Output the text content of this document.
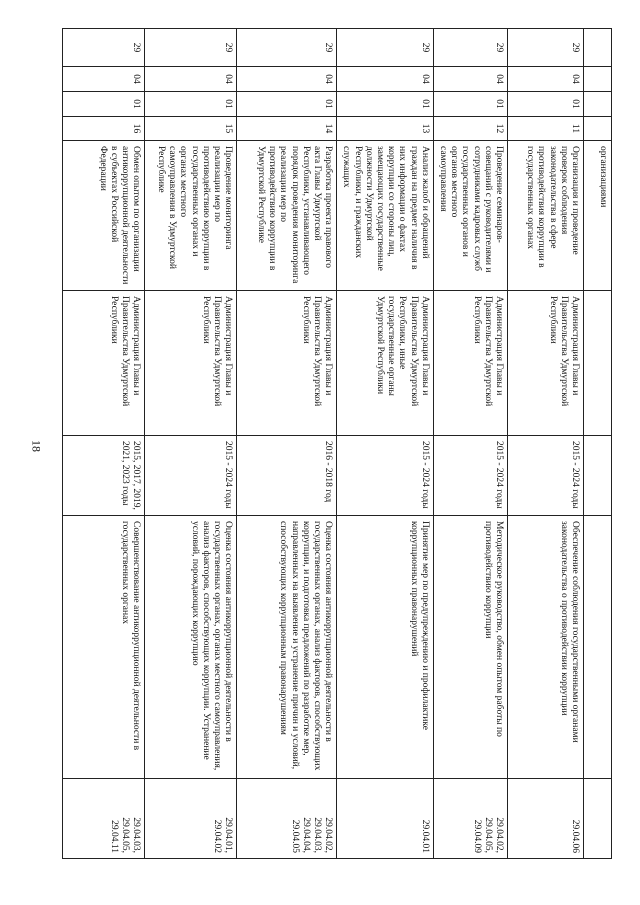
18
				организациями				
29	04	01	11	Организация и проведение проверок соблюдения законодательства в сфере противодействия коррупции в государственных органах	Администрация Главы и Правительства Удмуртской Республики	2015 - 2024 годы	Обеспечение соблюдения государственными органами законодательства о противодействии коррупции	29.04.06
29	04	01	12	Проведение семинаров-совещаний с руководителями и сотрудниками кадровых служб государственных органов и органов местного самоуправления	Администрация Главы и Правительства Удмуртской Республики	2015 - 2024 годы	Методическое руководство, обмен опытом работы по противодействию коррупции	29.04.02, 29.04.05, 29.04.09
29	04	01	13	Анализ жалоб и обращений граждан на предмет наличия в них информации о фактах коррупции со стороны лиц, замещающих государственные должности Удмуртской Республики, и гражданских служащих	Администрация Главы и Правительства Удмуртской Республики, иные государственные органы Удмуртской Республики	2015 - 2024 годы	Принятие мер по предупреждению и профилактике коррупционных правонарушений	29.04.01
29	04	01	14	Разработка проекта правового акта Главы Удмуртской Республики, устанавливающего порядок проведения мониторинга реализации мер по противодействию коррупции в Удмуртской Республике	Администрация Главы и Правительства Удмуртской Республики	2016 - 2018 год	Оценка состояния антикоррупционной деятельности в государственных органах, анализ факторов, способствующих коррупции, и подготовка предложений по разработке мер, направленных на выявление и устранение причин и условий, способствующих коррупционным правонарушениям	29.04.02, 29.04.03, 29.04.04, 29.04.05
29	04	01	15	Проведение мониторинга реализации мер по противодействию коррупции в государственных органах и органах местного самоуправления в Удмуртской Республике	Администрация Главы и Правительства Удмуртской Республики	2015 - 2024 годы	Оценка состояния антикоррупционной деятельности в государственных органах, органах местного самоуправления, анализ факторов, способствующих коррупции. Устранение условий, порождающих коррупцию	29.04.01, 29.04.02
29	04	01	16	Обмен опытом по организации антикоррупционной деятельности в субъектах Российской Федерации	Администрация Главы и Правительства Удмуртской Республики	2015, 2017, 2019, 2021, 2023 годы	Совершенствование антикоррупционной деятельности в государственных органах	29.04.03, 29.04.05, 29.04.11
